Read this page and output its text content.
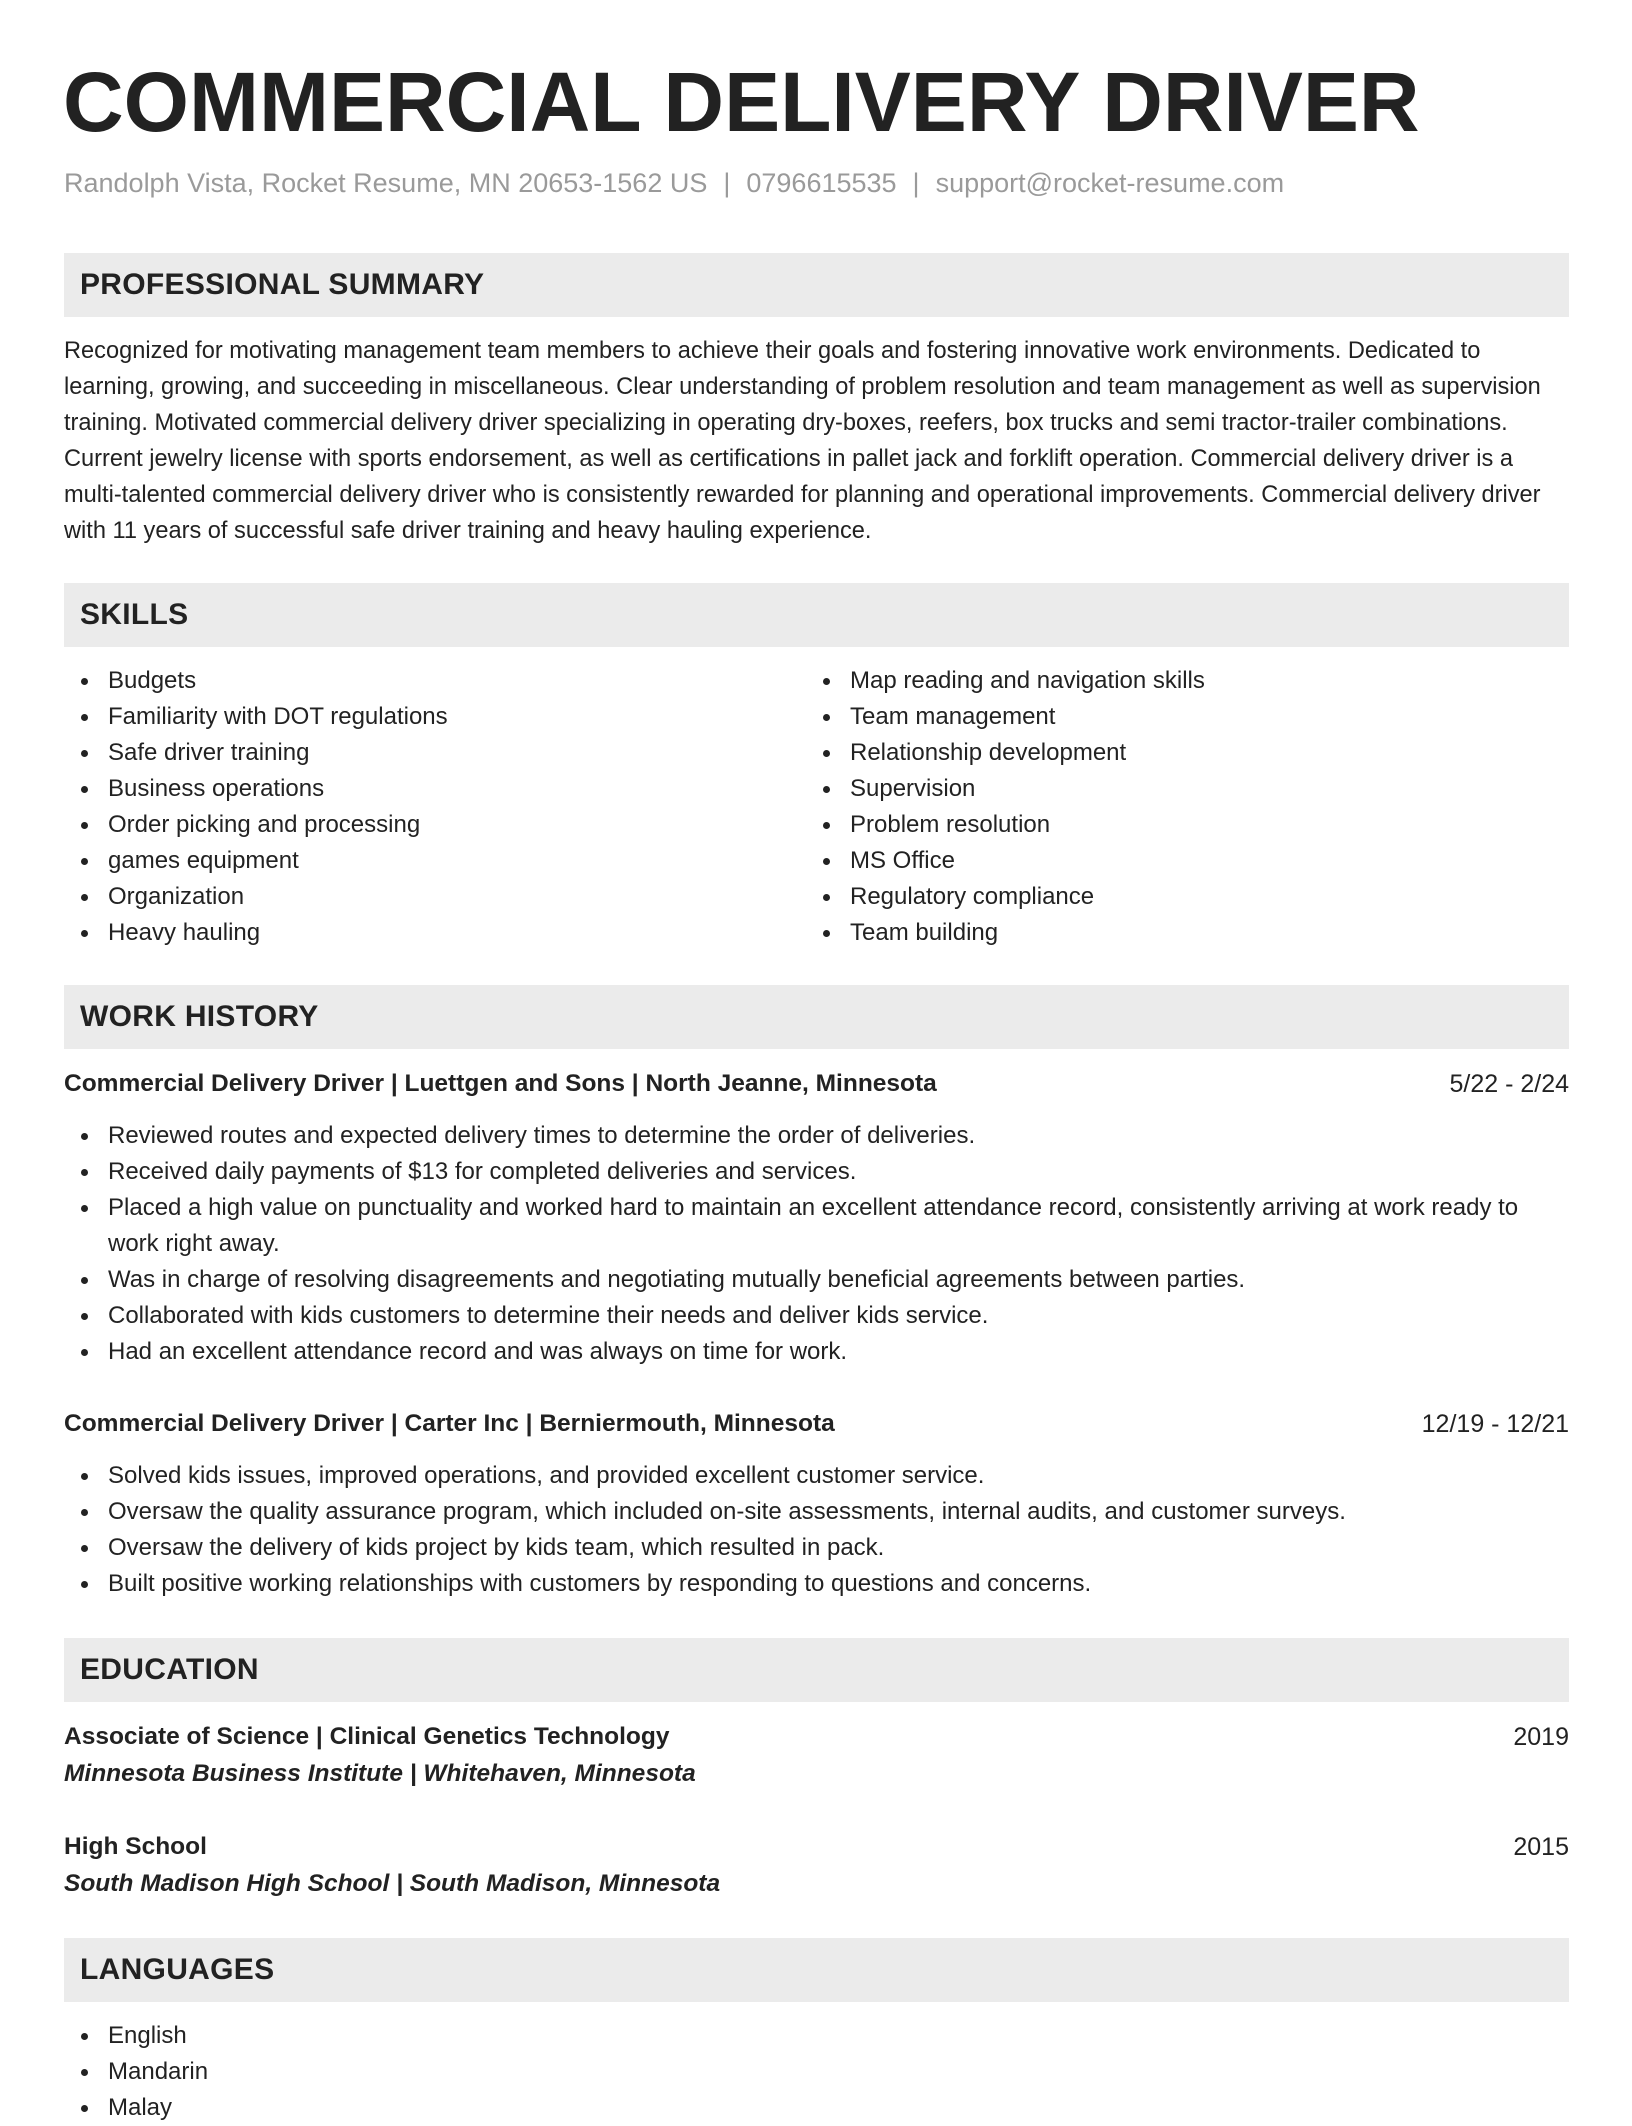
COMMERCIAL DELIVERY DRIVER
Randolph Vista, Rocket Resume, MN 20653-1562 US | 0796615535 | support@rocket-resume.com
PROFESSIONAL SUMMARY

Recognized for motivating management team members to achieve their goals and fostering innovative work environments. Dedicated to learning, growing, and succeeding in miscellaneous. Clear understanding of problem resolution and team management as well as supervision training. Motivated commercial delivery driver specializing in operating dry-boxes, reefers, box trucks and semi tractor-trailer combinations. Current jewelry license with sports endorsement, as well as certifications in pallet jack and forklift operation. Commercial delivery driver is a multi-talented commercial delivery driver who is consistently rewarded for planning and operational improvements. Commercial delivery driver with 11 years of successful safe driver training and heavy hauling experience.

SKILLS
Budgets
Familiarity with DOT regulations
Safe driver training
Business operations
Order picking and processing
games equipment
Organization
Heavy hauling
Map reading and navigation skills
Team management
Relationship development
Supervision
Problem resolution
MS Office
Regulatory compliance
Team building
WORK HISTORY
Commercial Delivery Driver | Luettgen and Sons | North Jeanne, Minnesota	5/22 - 2/24
Reviewed routes and expected delivery times to determine the order of deliveries.
Received daily payments of $13 for completed deliveries and services.
Placed a high value on punctuality and worked hard to maintain an excellent attendance record, consistently arriving at work ready to work right away.
Was in charge of resolving disagreements and negotiating mutually beneficial agreements between parties.
Collaborated with kids customers to determine their needs and deliver kids service.
Had an excellent attendance record and was always on time for work.
Commercial Delivery Driver | Carter Inc | Berniermouth, Minnesota	12/19 - 12/21
Solved kids issues, improved operations, and provided excellent customer service.
Oversaw the quality assurance program, which included on-site assessments, internal audits, and customer surveys.
Oversaw the delivery of kids project by kids team, which resulted in pack.
Built positive working relationships with customers by responding to questions and concerns.
EDUCATION
Associate of Science | Clinical Genetics Technology	2019
Minnesota Business Institute | Whitehaven, Minnesota
High School	2015
South Madison High School | South Madison, Minnesota
LANGUAGES
English
Mandarin
Malay
